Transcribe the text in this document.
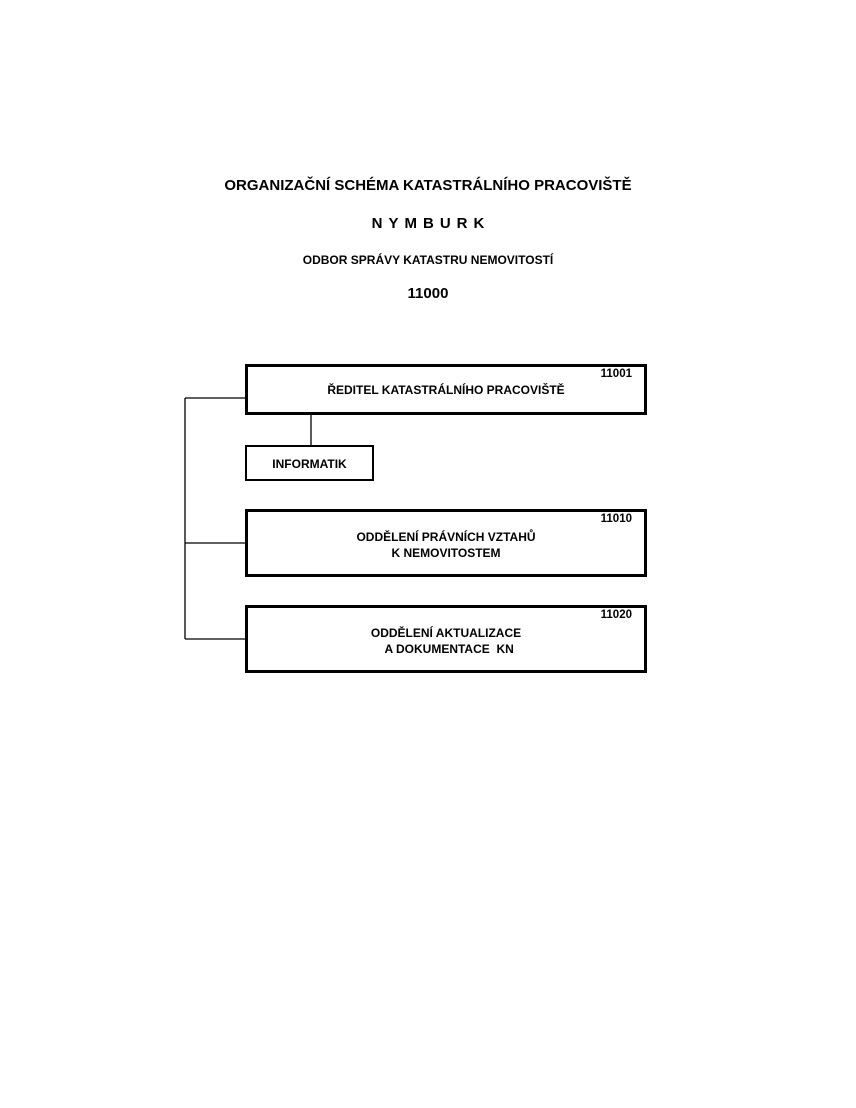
ORGANIZAČNÍ SCHÉMA KATASTRÁLNÍHO PRACOVIŠTĚ
NYMBURK
ODBOR SPRÁVY KATASTRU NEMOVITOSTÍ
11000
11001
ŘEDITEL KATASTRÁLNÍHO PRACOVIŠTĚ
INFORMATIK
11010
ODDĚLENÍ PRÁVNÍCH VZTAHŮ
K NEMOVITOSTEM
11020
ODDĚLENÍ AKTUALIZACE
A DOKUMENTACE  KN
